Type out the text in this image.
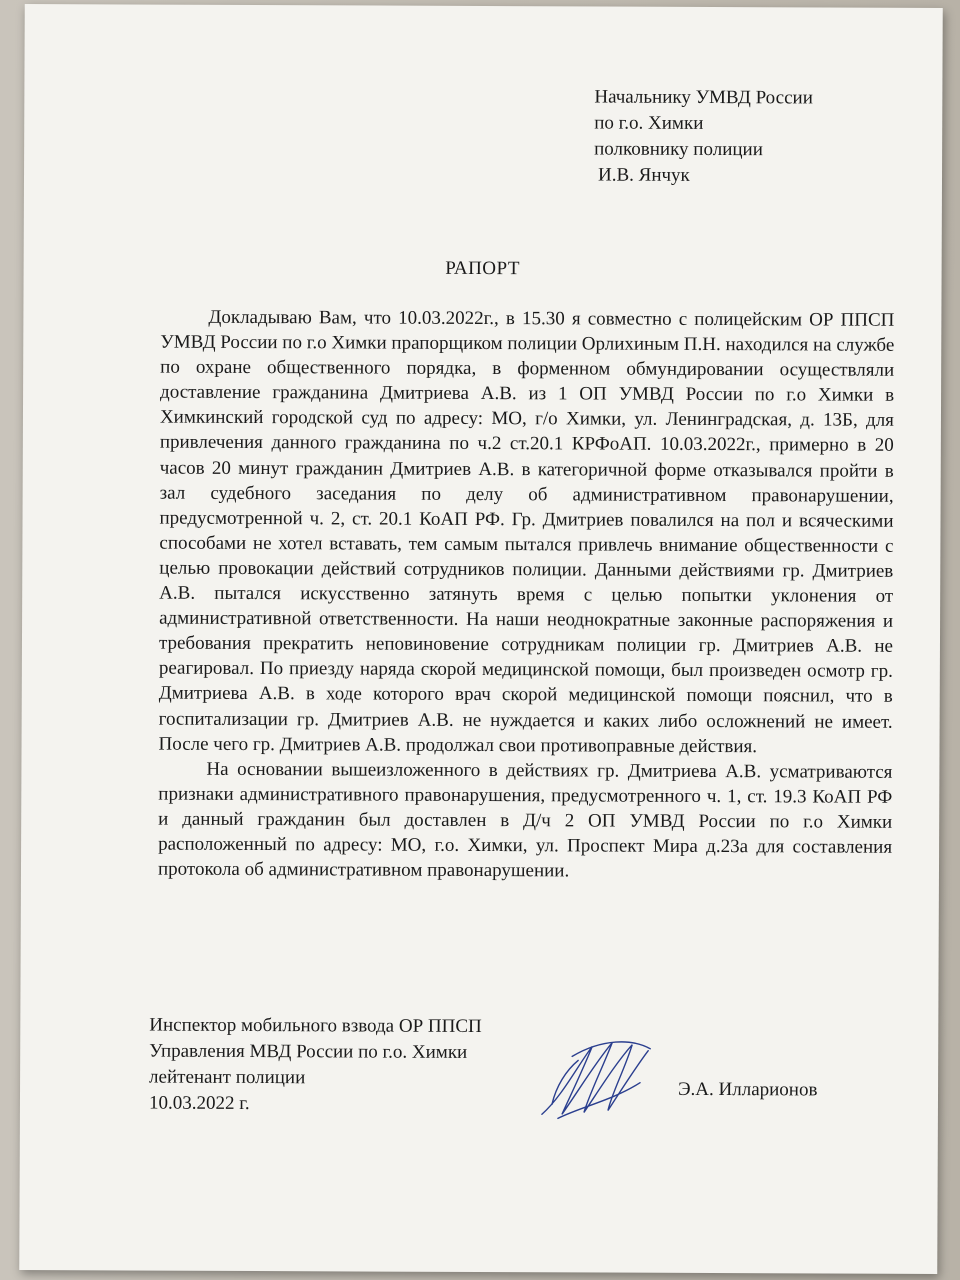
Начальнику УМВД России
по г.о. Химки
полковнику полиции
И.В. Янчук
РАПОРТ

Докладываю Вам, что 10.03.2022г., в 15.30 я совместно с полицейским ОР ППСП УМВД России по г.о Химки прапорщиком полиции Орлихиным П.Н. находился на службе по охране общественного порядка, в форменном обмундировании осуществляли доставление гражданина Дмитриева А.В. из 1 ОП УМВД России по г.о Химки в Химкинский городской суд по адресу: МО, г/о Химки, ул. Ленинградская, д. 13Б, для привлечения данного гражданина по ч.2 ст.20.1 КРФоАП. 10.03.2022г., примерно в 20 часов 20 минут гражданин Дмитриев А.В. в категоричной форме отказывался пройти в зал судебного заседания по делу об административном правонарушении, предусмотренной ч. 2, ст. 20.1 КоАП РФ. Гр. Дмитриев повалился на пол и всяческими способами не хотел вставать, тем самым пытался привлечь внимание общественности с целью провокации действий сотрудников полиции. Данными действиями гр. Дмитриев А.В. пытался искусственно затянуть время с целью попытки уклонения от административной ответственности. На наши неоднократные законные распоряжения и требования прекратить неповиновение сотрудникам полиции гр. Дмитриев А.В. не реагировал. По приезду наряда скорой медицинской помощи, был произведен осмотр гр. Дмитриева А.В. в ходе которого врач скорой медицинской помощи пояснил, что в госпитализации гр. Дмитриев А.В. не нуждается и каких либо осложнений не имеет. После чего гр. Дмитриев А.В. продолжал свои противоправные действия.

На основании вышеизложенного в действиях гр. Дмитриева А.В. усматриваются признаки административного правонарушения, предусмотренного ч. 1, ст. 19.3 КоАП РФ и данный гражданин был доставлен в Д/ч 2 ОП УМВД России по г.о Химки расположенный по адресу: МО, г.о. Химки, ул. Проспект Мира д.23а для составления протокола об административном правонарушении.

Инспектор мобильного взвода ОР ППСП
Управления МВД России по г.о. Химки
лейтенант полиции
10.03.2022 г.
Э.А. Илларионов
